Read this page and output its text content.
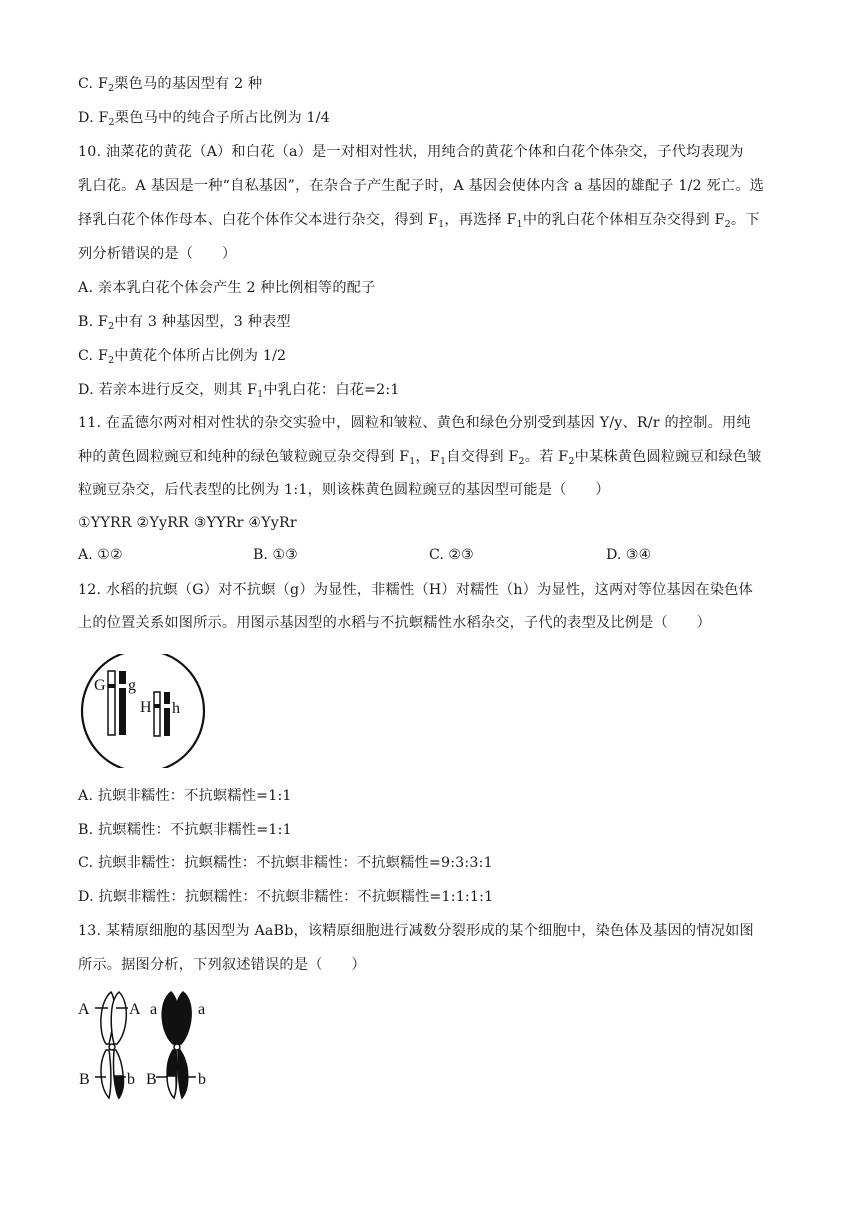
C. $F_2$栗色马的基因型有 2 种
D. $F_2$栗色马中的纯合子所占比例为 1/4
10. 油菜花的黄花（A）和白花（a）是一对相对性状，用纯合的黄花个体和白花个体杂交，子代均表现为
乳白花。A 基因是一种“自私基因”，在杂合子产生配子时，A 基因会使体内含 a 基因的雄配子 1/2 死亡。选
择乳白花个体作母本、白花个体作父本进行杂交，得到 $F_1$，再选择 $F_1$中的乳白花个体相互杂交得到 $F_2$。下
列分析错误的是（　　）
A. 亲本乳白花个体会产生 2 种比例相等的配子
B. $F_2$中有 3 种基因型，3 种表型
C. $F_2$中黄花个体所占比例为 1/2
D. 若亲本进行反交，则其 $F_1$中乳白花：白花=2:1
11. 在孟德尔两对相对性状的杂交实验中，圆粒和皱粒、黄色和绿色分别受到基因 Y/y、R/r 的控制。用纯
种的黄色圆粒豌豆和纯种的绿色皱粒豌豆杂交得到 $F_1$，$F_1$自交得到 $F_2$。若 $F_2$中某株黄色圆粒豌豆和绿色皱
粒豌豆杂交，后代表型的比例为 1:1，则该株黄色圆粒豌豆的基因型可能是（　　）
①YYRR ②YyRR ③YYRr ④YyRr
A. ①②	B. ①③	C. ②③	D. ③④
12. 水稻的抗螟（G）对不抗螟（g）为显性，非糯性（H）对糯性（h）为显性，这两对等位基因在染色体
上的位置关系如图所示。用图示基因型的水稻与不抗螟糯性水稻杂交，子代的表型及比例是（　　）
G g
H h
A. 抗螟非糯性：不抗螟糯性=1:1
B. 抗螟糯性：不抗螟非糯性=1:1
C. 抗螟非糯性：抗螟糯性：不抗螟非糯性：不抗螟糯性=9:3:3:1
D. 抗螟非糯性：抗螟糯性：不抗螟非糯性：不抗螟糯性=1:1:1:1
13. 某精原细胞的基因型为 AaBb，该精原细胞进行减数分裂形成的某个细胞中，染色体及基因的情况如图
所示。据图分析，下列叙述错误的是（　　）
A A
B b
a	a
B	b
